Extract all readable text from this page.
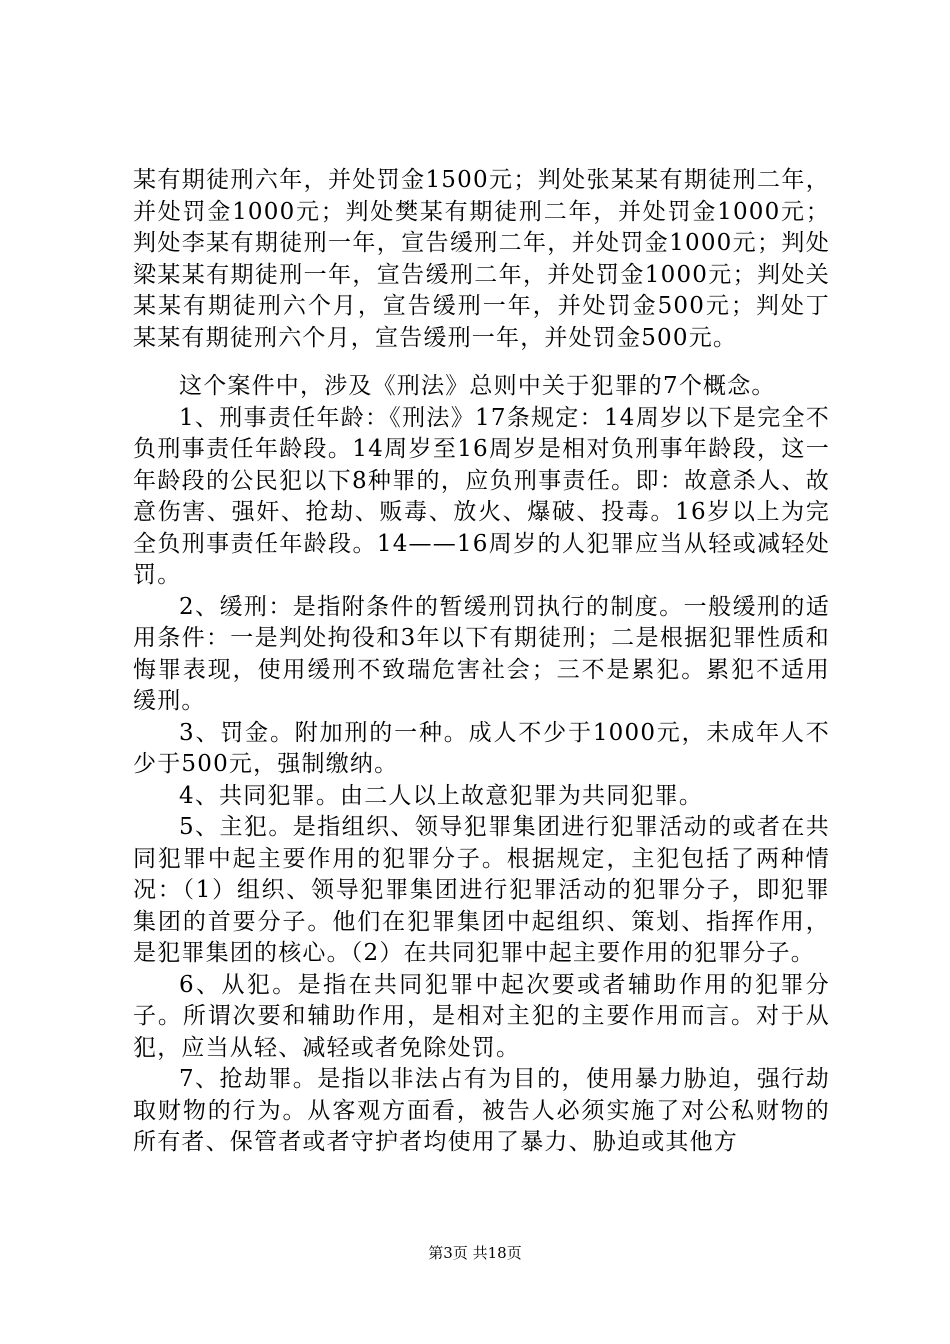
某有期徒刑六年，并处罚金1500元；判处张某某有期徒刑二年，并处罚金1000元；判处樊某有期徒刑二年，并处罚金1000元；判处李某有期徒刑一年，宣告缓刑二年，并处罚金1000元；判处梁某某有期徒刑一年，宣告缓刑二年，并处罚金1000元；判处关某某有期徒刑六个月，宣告缓刑一年，并处罚金500元；判处丁某某有期徒刑六个月，宣告缓刑一年，并处罚金500元。

这个案件中，涉及《刑法》总则中关于犯罪的7个概念。

1、刑事责任年龄：《刑法》17条规定：14周岁以下是完全不负刑事责任年龄段。14周岁至16周岁是相对负刑事年龄段，这一年龄段的公民犯以下8种罪的，应负刑事责任。即：故意杀人、故意伤害、强奸、抢劫、贩毒、放火、爆破、投毒。16岁以上为完全负刑事责任年龄段。14——16周岁的人犯罪应当从轻或减轻处罚。

2、缓刑：是指附条件的暂缓刑罚执行的制度。一般缓刑的适用条件：一是判处拘役和3年以下有期徒刑；二是根据犯罪性质和悔罪表现，使用缓刑不致瑞危害社会；三不是累犯。累犯不适用缓刑。

3、罚金。附加刑的一种。成人不少于1000元，未成年人不少于500元，强制缴纳。

4、共同犯罪。由二人以上故意犯罪为共同犯罪。

5、主犯。是指组织、领导犯罪集团进行犯罪活动的或者在共同犯罪中起主要作用的犯罪分子。根据规定，主犯包括了两种情况：（1）组织、领导犯罪集团进行犯罪活动的犯罪分子，即犯罪集团的首要分子。他们在犯罪集团中起组织、策划、指挥作用，是犯罪集团的核心。（2）在共同犯罪中起主要作用的犯罪分子。

6、从犯。是指在共同犯罪中起次要或者辅助作用的犯罪分子。所谓次要和辅助作用，是相对主犯的主要作用而言。对于从犯，应当从轻、减轻或者免除处罚。

7、抢劫罪。是指以非法占有为目的，使用暴力胁迫，强行劫取财物的行为。从客观方面看，被告人必须实施了对公私财物的所有者、保管者或者守护者均使用了暴力、胁迫或其他方

第3页 共18页
